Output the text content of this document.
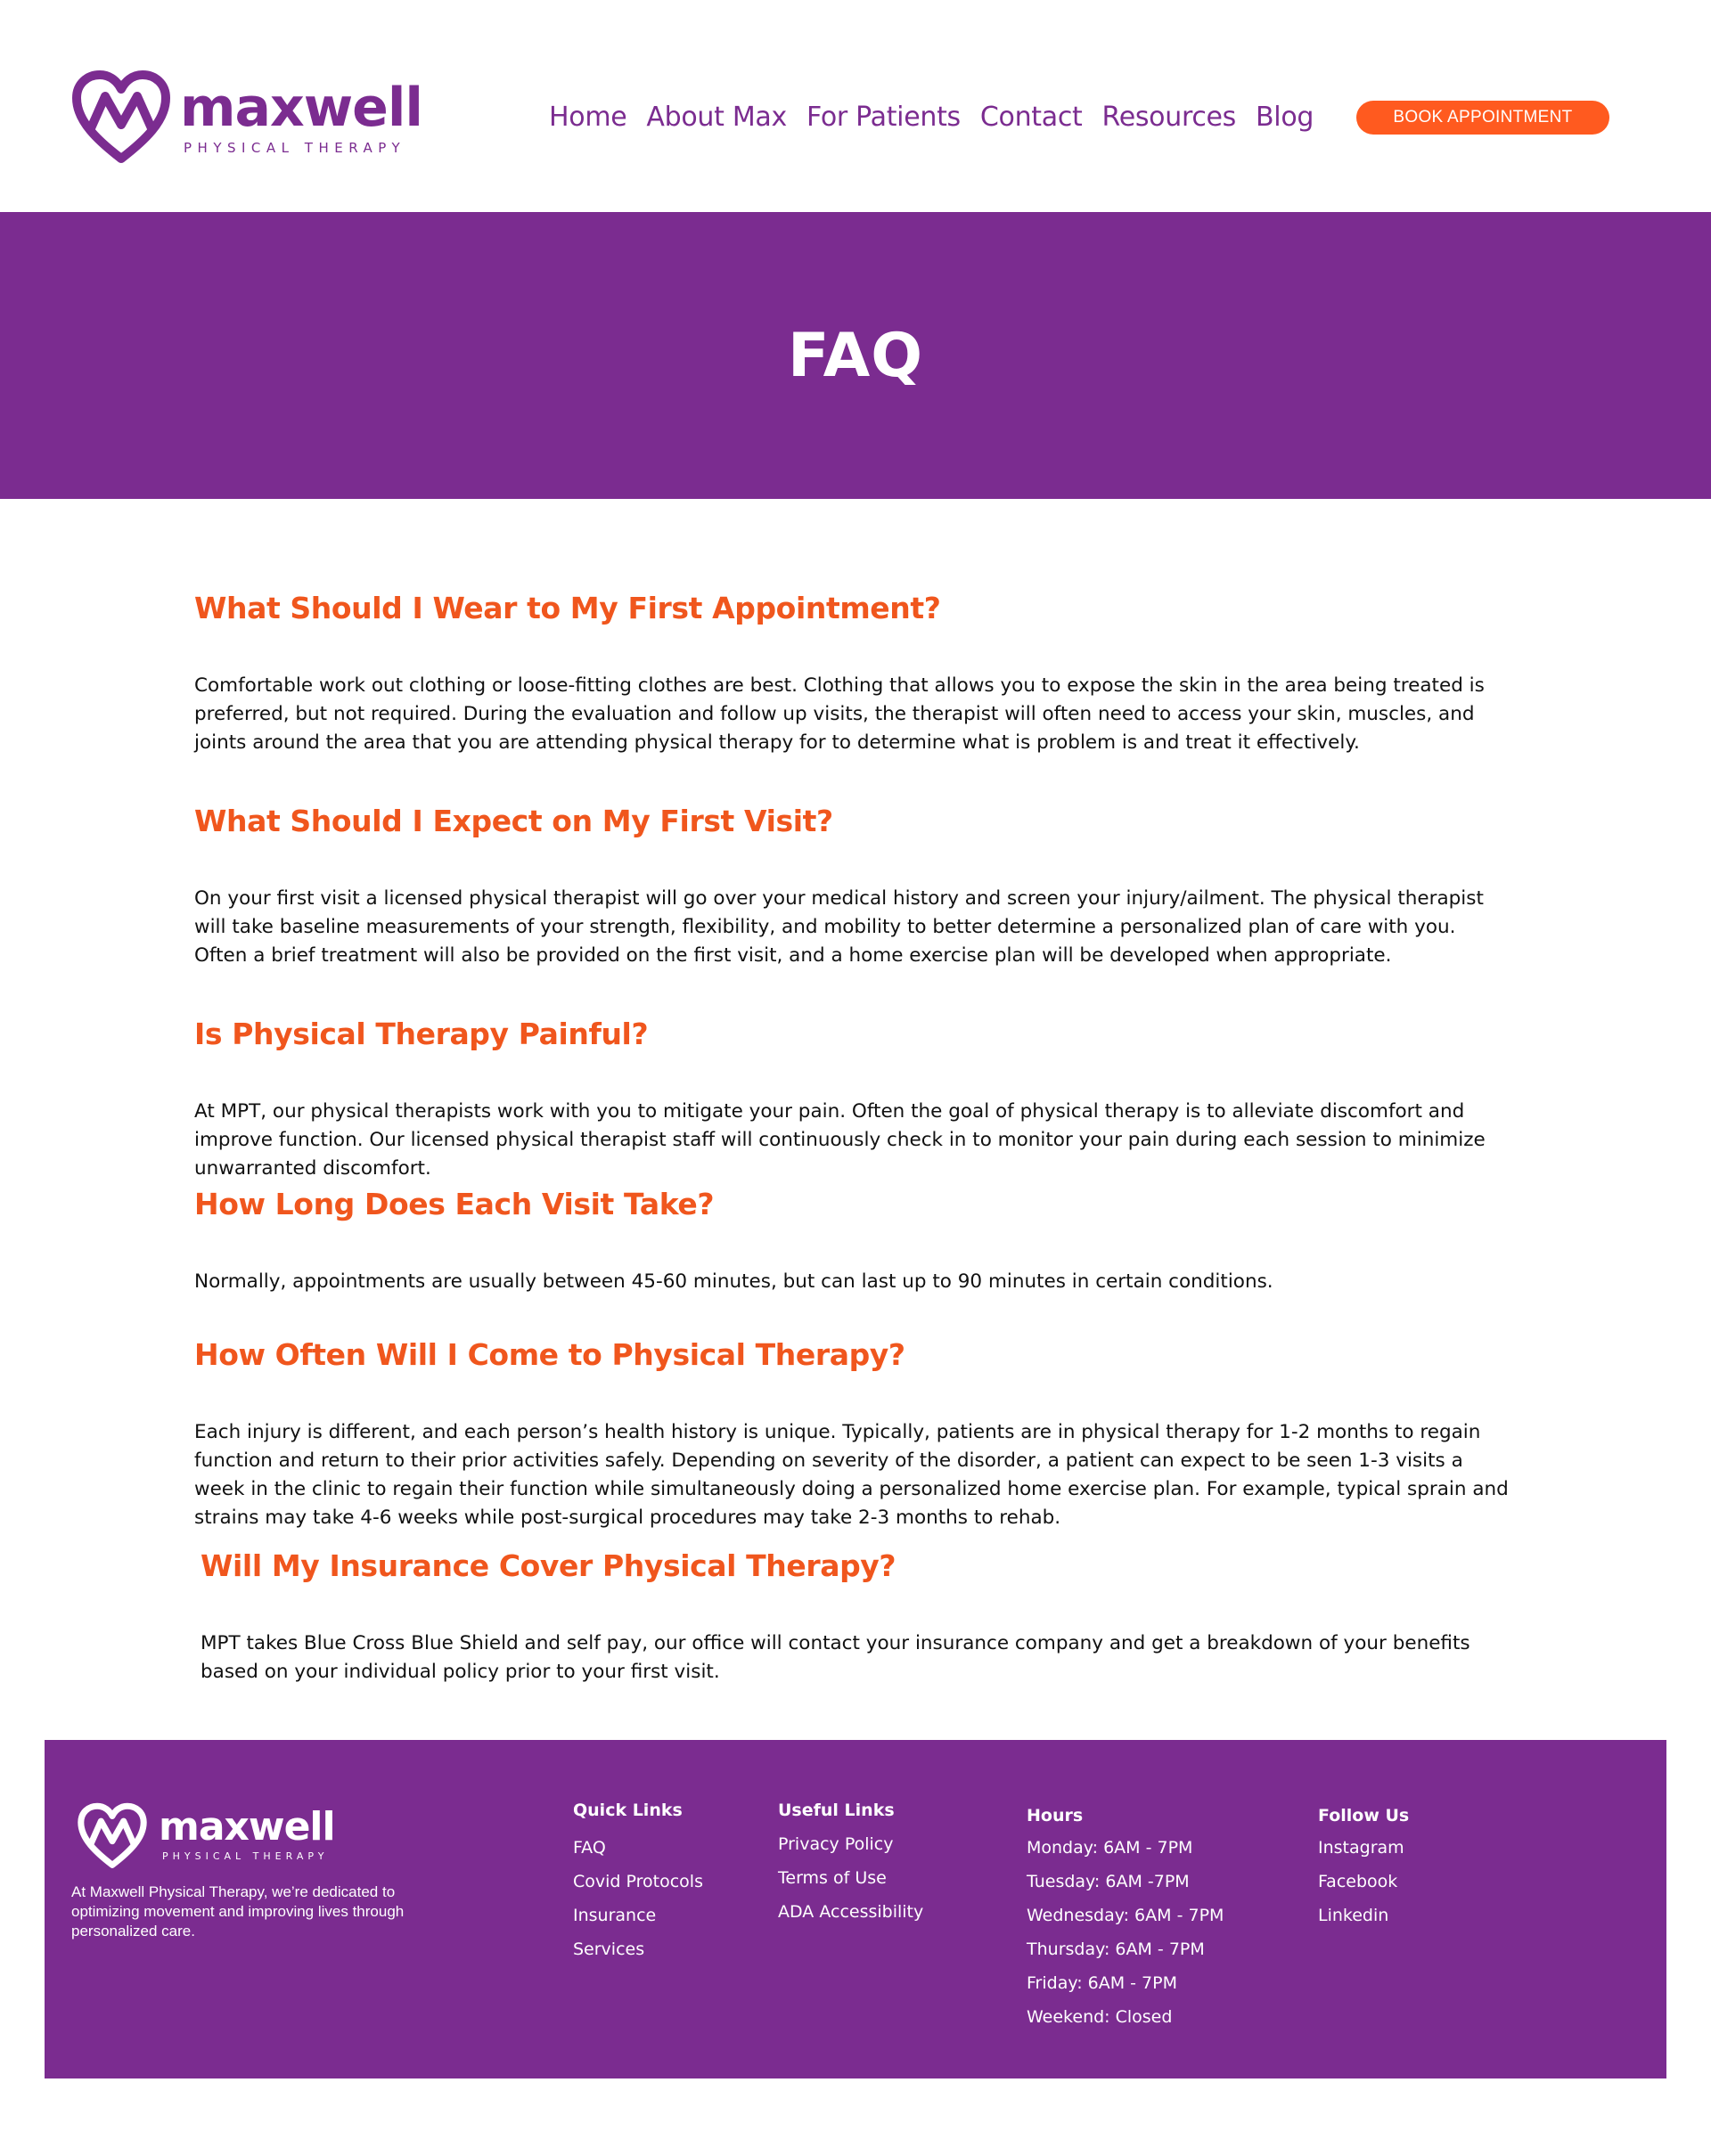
maxwell
PHYSICAL THERAPY
Home About Max For Patients Contact Resources Blog	BOOK APPOINTMENT
FAQ
What Should I Wear to My First Appointment?

Comfortable work out clothing or loose-fitting clothes are best. Clothing that allows you to expose the skin in the area being treated is preferred, but not required. During the evaluation and follow up visits, the therapist will often need to access your skin, muscles, and joints around the area that you are attending physical therapy for to determine what is problem is and treat it effectively.

What Should I Expect on My First Visit?

On your first visit a licensed physical therapist will go over your medical history and screen your injury/ailment. The physical therapist will take baseline measurements of your strength, flexibility, and mobility to better determine a personalized plan of care with you. Often a brief treatment will also be provided on the first visit, and a home exercise plan will be developed when appropriate.

Is Physical Therapy Painful?

At MPT, our physical therapists work with you to mitigate your pain. Often the goal of physical therapy is to alleviate discomfort and improve function. Our licensed physical therapist staff will continuously check in to monitor your pain during each session to minimize unwarranted discomfort.

How Long Does Each Visit Take?

Normally, appointments are usually between 45-60 minutes, but can last up to 90 minutes in certain conditions.

How Often Will I Come to Physical Therapy?

Each injury is different, and each person’s health history is unique. Typically, patients are in physical therapy for 1-2 months to regain function and return to their prior activities safely. Depending on severity of the disorder, a patient can expect to be seen 1-3 visits a week in the clinic to regain their function while simultaneously doing a personalized home exercise plan. For example, typical sprain and strains may take 4-6 weeks while post-surgical procedures may take 2-3 months to rehab.

Will My Insurance Cover Physical Therapy?

MPT takes Blue Cross Blue Shield and self pay, our office will contact your insurance company and get a breakdown of your benefits based on your individual policy prior to your first visit.

maxwell
PHYSICAL THERAPY
At Maxwell Physical Therapy, we’re dedicated to optimizing movement and improving lives through personalized care.
Quick Links
FAQ
Covid Protocols
Insurance
Services
Useful Links
Privacy Policy
Terms of Use
ADA Accessibility
Hours
Monday: 6AM - 7PM
Tuesday: 6AM -7PM
Wednesday: 6AM - 7PM
Thursday: 6AM - 7PM
Friday: 6AM - 7PM
Weekend: Closed
Follow Us
Instagram
Facebook
Linkedin
